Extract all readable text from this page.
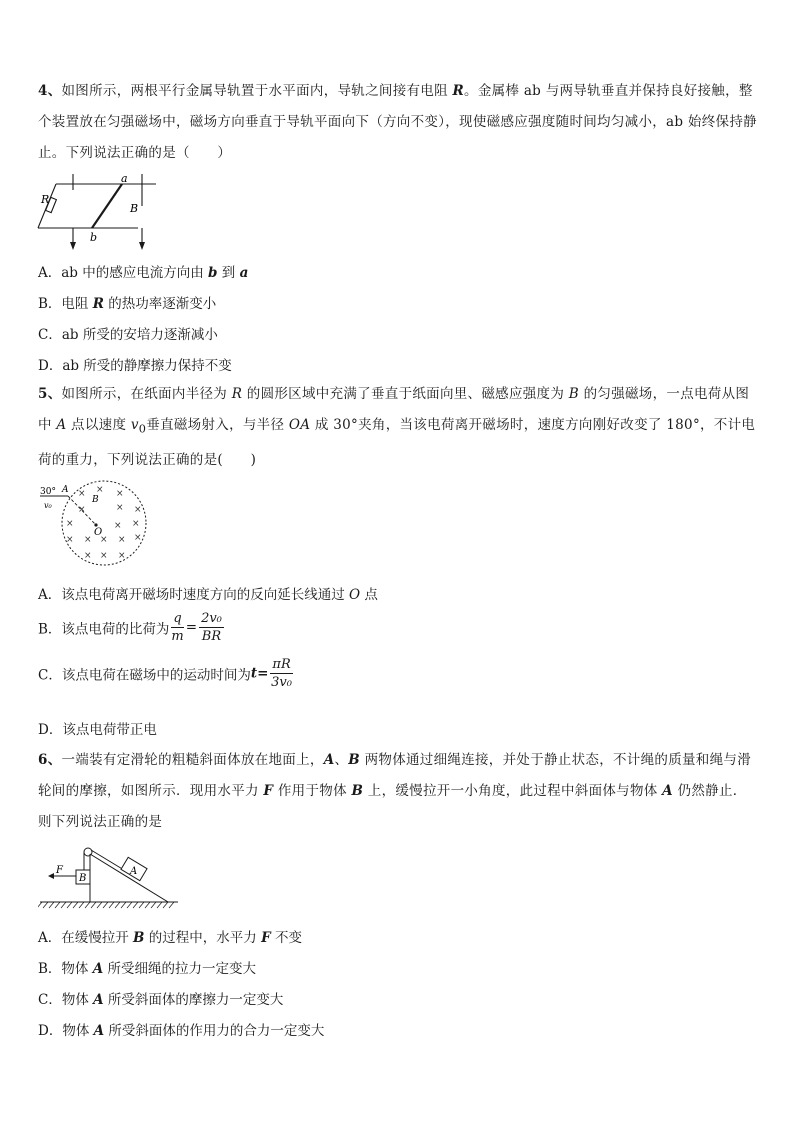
4、如图所示，两根平行金属导轨置于水平面内，导轨之间接有电阻 R。金属棒 ab 与两导轨垂直并保持良好接触，整个装置放在匀强磁场中，磁场方向垂直于导轨平面向下（方向不变），现使磁感应强度随时间均匀减小，ab 始终保持静止。下列说法正确的是（　　）
R
a
B
b
A．ab 中的感应电流方向由 b 到 a
B．电阻 R 的热功率逐渐变小
C．ab 所受的安培力逐渐减小
D．ab 所受的静摩擦力保持不变
5、如图所示，在纸面内半径为 R 的圆形区域中充满了垂直于纸面向里、磁感应强度为 B 的匀强磁场，一点电荷从图中 A 点以速度 $v_0$垂直磁场射入，与半径 OA 成 30°夹角，当该电荷离开磁场时，速度方向刚好改变了 180°，不计电荷的重力，下列说法正确的是(　　)
30° A
v₀
B
O
× × ×
×	× ×
×	× ×
× × × × ×
× × ×
A．该点电荷离开磁场时速度方向的反向延长线通过 O 点
B．该点电荷的比荷为 $\frac{q}{m} = \frac{\text{2v₀}}{BR}$
C．该点电荷在磁场中的运动时间为$t= \frac{\pi R}{\text{3v₀}}$
D．该点电荷带正电
6、一端装有定滑轮的粗糙斜面体放在地面上，A、B 两物体通过细绳连接，并处于静止状态，不计绳的质量和绳与滑轮间的摩擦，如图所示．现用水平力 F 作用于物体 B 上，缓慢拉开一小角度，此过程中斜面体与物体 A 仍然静止．则下列说法正确的是
F
B
A
A．在缓慢拉开 B 的过程中，水平力 F 不变
B．物体 A 所受细绳的拉力一定变大
C．物体 A 所受斜面体的摩擦力一定变大
D．物体 A 所受斜面体的作用力的合力一定变大
